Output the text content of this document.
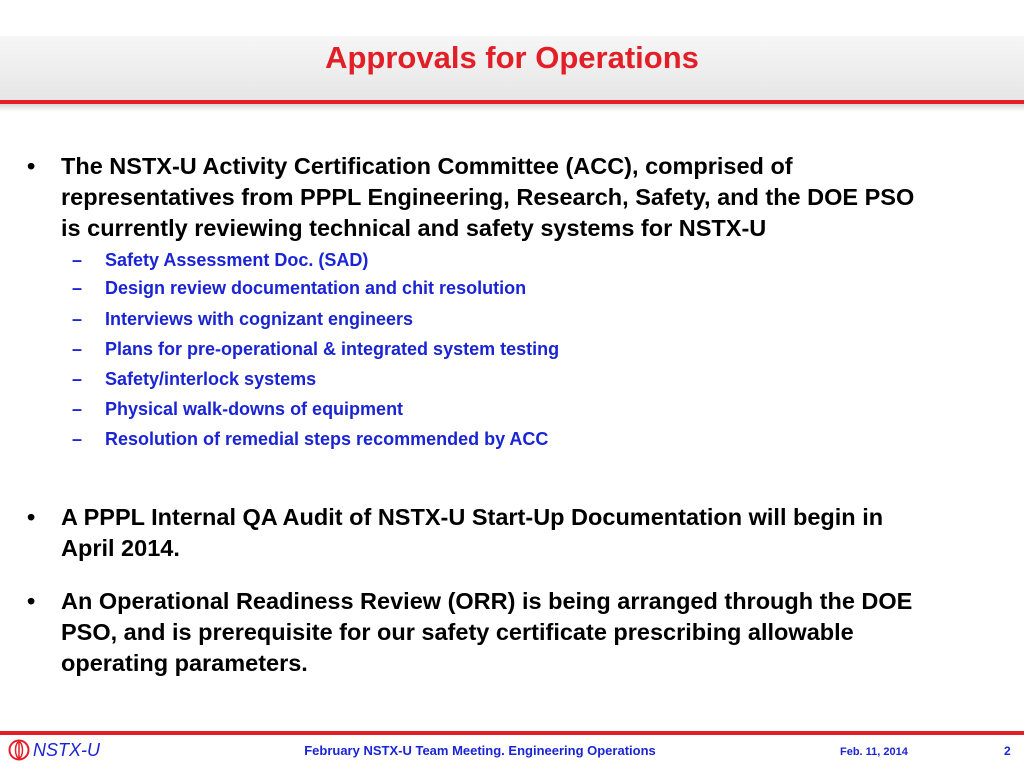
Approvals for Operations
• The NSTX-U Activity Certification Committee (ACC), comprised of
representatives from PPPL Engineering, Research, Safety, and the DOE PSO
is currently reviewing technical and safety systems for NSTX-U
– Safety Assessment Doc. (SAD)
– Design review documentation and chit resolution
– Interviews with cognizant engineers
– Plans for pre-operational & integrated system testing
– Safety/interlock systems
– Physical walk-downs of equipment
– Resolution of remedial steps recommended by ACC
• A PPPL Internal QA Audit of NSTX-U Start-Up Documentation will begin in
April 2014.
• An Operational Readiness Review (ORR) is being arranged through the DOE
PSO, and is prerequisite for our safety certificate prescribing allowable
operating parameters.
NSTX-U	February NSTX-U Team Meeting. Engineering Operations	Feb. 11, 2014	2
